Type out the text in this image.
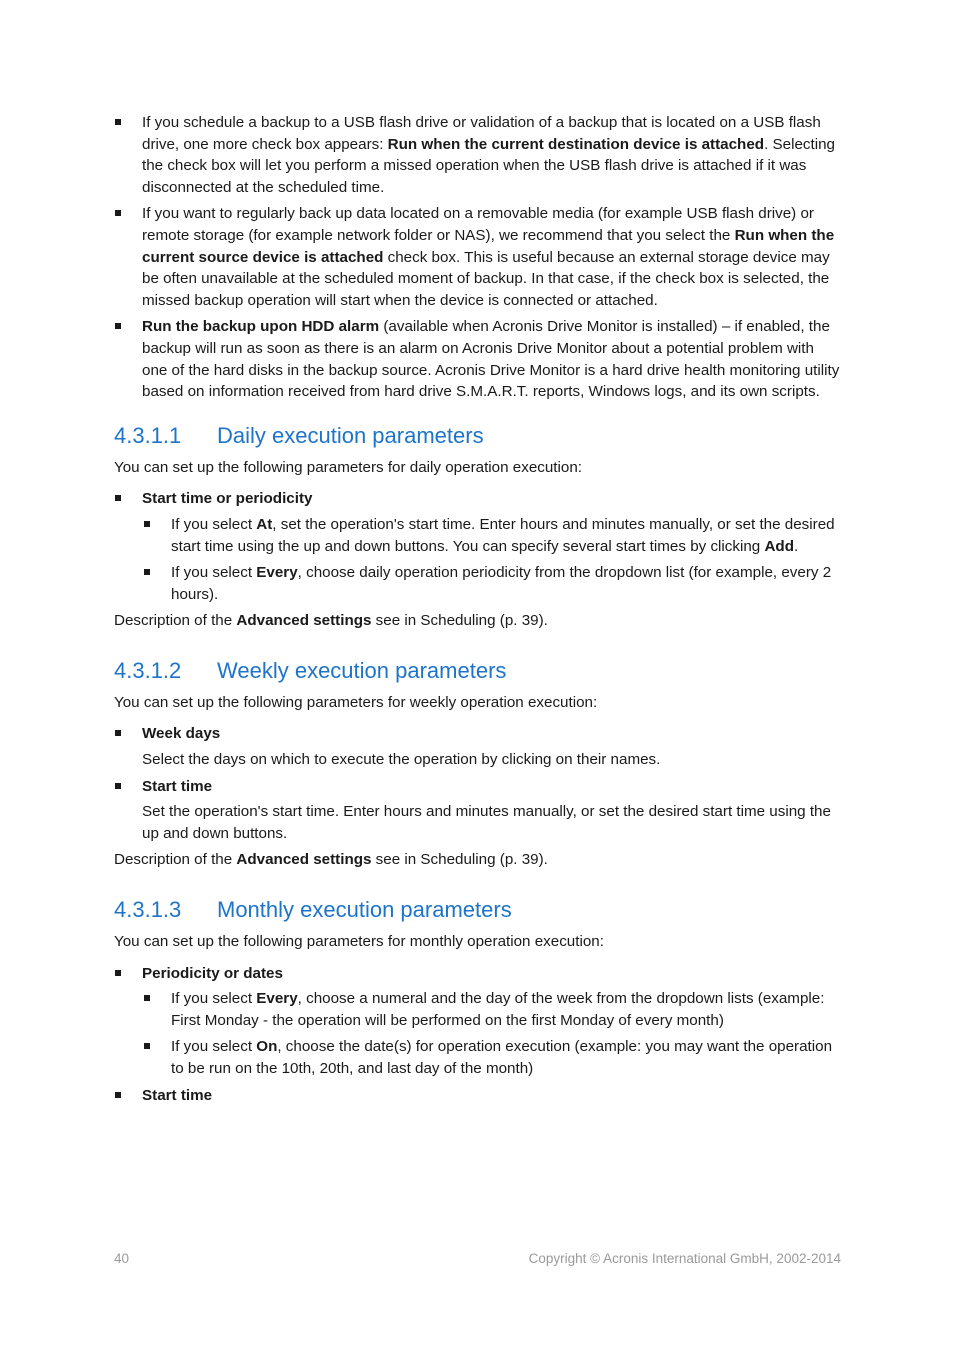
If you schedule a backup to a USB flash drive or validation of a backup that is located on a USB flash drive, one more check box appears: Run when the current destination device is attached. Selecting the check box will let you perform a missed operation when the USB flash drive is attached if it was disconnected at the scheduled time.
If you want to regularly back up data located on a removable media (for example USB flash drive) or remote storage (for example network folder or NAS), we recommend that you select the Run when the current source device is attached check box. This is useful because an external storage device may be often unavailable at the scheduled moment of backup. In that case, if the check box is selected, the missed backup operation will start when the device is connected or attached.
Run the backup upon HDD alarm (available when Acronis Drive Monitor is installed) – if enabled, the backup will run as soon as there is an alarm on Acronis Drive Monitor about a potential problem with one of the hard disks in the backup source. Acronis Drive Monitor is a hard drive health monitoring utility based on information received from hard drive S.M.A.R.T. reports, Windows logs, and its own scripts.
4.3.1.1 Daily execution parameters

You can set up the following parameters for daily operation execution:

Start time or periodicity
If you select At, set the operation's start time. Enter hours and minutes manually, or set the desired start time using the up and down buttons. You can specify several start times by clicking Add.
If you select Every, choose daily operation periodicity from the dropdown list (for example, every 2 hours).

Description of the Advanced settings see in Scheduling (p. 39).

4.3.1.2 Weekly execution parameters

You can set up the following parameters for weekly operation execution:

Week days

Select the days on which to execute the operation by clicking on their names.

Start time

Set the operation's start time. Enter hours and minutes manually, or set the desired start time using the up and down buttons.

Description of the Advanced settings see in Scheduling (p. 39).

4.3.1.3 Monthly execution parameters

You can set up the following parameters for monthly operation execution:

Periodicity or dates
If you select Every, choose a numeral and the day of the week from the dropdown lists (example: First Monday - the operation will be performed on the first Monday of every month)
If you select On, choose the date(s) for operation execution (example: you may want the operation to be run on the 10th, 20th, and last day of the month)
Start time
40	Copyright © Acronis International GmbH, 2002-2014
